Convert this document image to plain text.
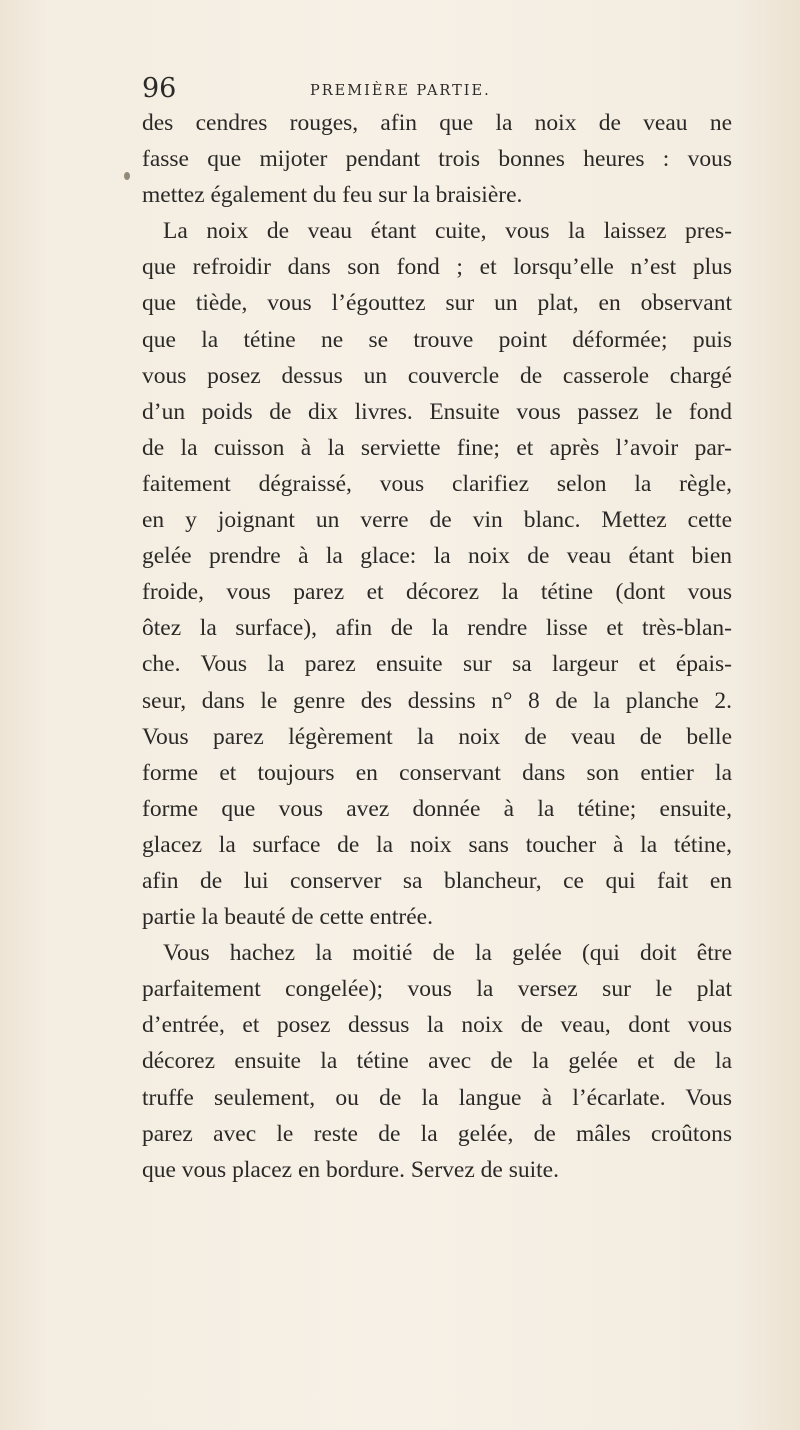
96	PREMIÈRE PARTIE.
des cendres rouges, afin que la noix de veau ne
fasse que mijoter pendant trois bonnes heures : vous
mettez également du feu sur la braisière.
La noix de veau étant cuite, vous la laissez pres-
que refroidir dans son fond ; et lorsqu’elle n’est plus
que tiède, vous l’égouttez sur un plat, en observant
que la tétine ne se trouve point déformée; puis
vous posez dessus un couvercle de casserole chargé
d’un poids de dix livres. Ensuite vous passez le fond
de la cuisson à la serviette fine; et après l’avoir par-
faitement dégraissé, vous clarifiez selon la règle,
en y joignant un verre de vin blanc. Mettez cette
gelée prendre à la glace: la noix de veau étant bien
froide, vous parez et décorez la tétine (dont vous
ôtez la surface), afin de la rendre lisse et très-blan-
che. Vous la parez ensuite sur sa largeur et épais-
seur, dans le genre des dessins n° 8 de la planche 2.
Vous parez légèrement la noix de veau de belle
forme et toujours en conservant dans son entier la
forme que vous avez donnée à la tétine; ensuite,
glacez la surface de la noix sans toucher à la tétine,
afin de lui conserver sa blancheur, ce qui fait en
partie la beauté de cette entrée.
Vous hachez la moitié de la gelée (qui doit être
parfaitement congelée); vous la versez sur le plat
d’entrée, et posez dessus la noix de veau, dont vous
décorez ensuite la tétine avec de la gelée et de la
truffe seulement, ou de la langue à l’écarlate. Vous
parez avec le reste de la gelée, de mâles croûtons
que vous placez en bordure. Servez de suite.
